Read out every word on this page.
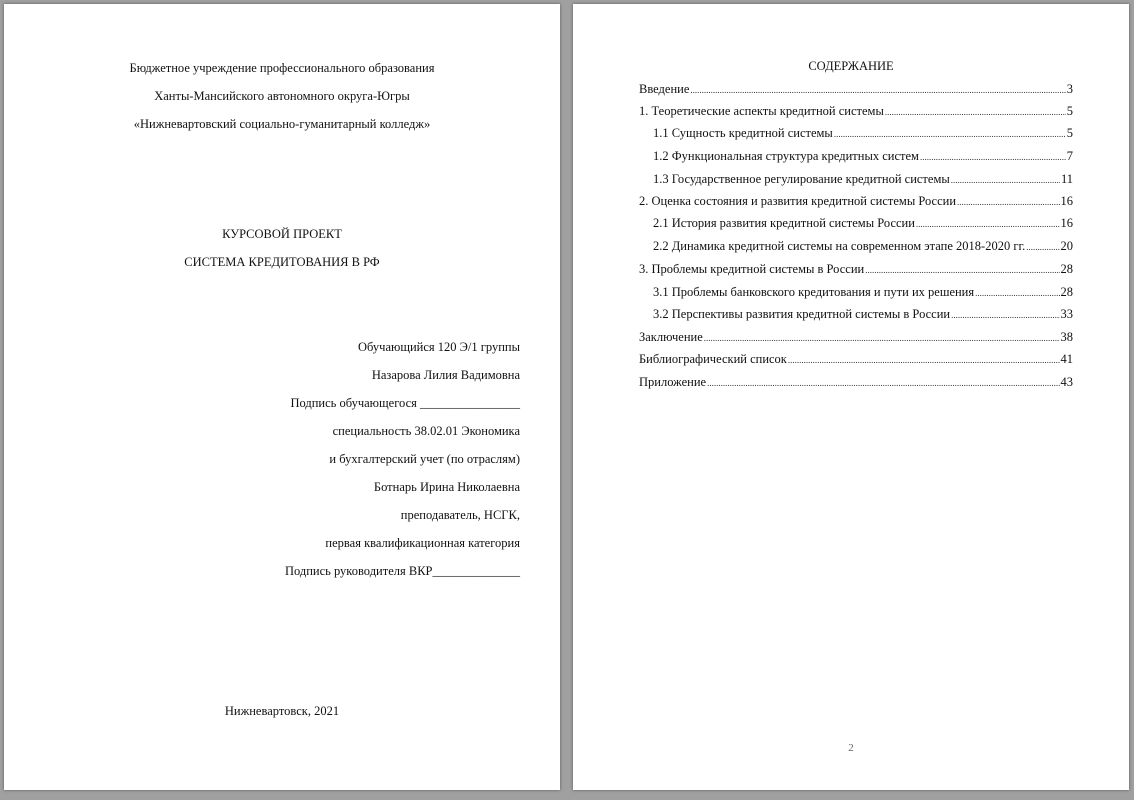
Бюджетное учреждение профессионального образования
Ханты-Мансийского автономного округа-Югры
«Нижневартовский социально-гуманитарный колледж»
КУРСОВОЙ ПРОЕКТ
СИСТЕМА КРЕДИТОВАНИЯ В РФ
Обучающийся 120 Э/1 группы
Назарова Лилия Вадимовна
Подпись обучающегося ________________
специальность 38.02.01 Экономика
и бухгалтерский учет (по отраслям)
Ботнарь Ирина Николаевна
преподаватель, НСГК,
первая квалификационная категория
Подпись руководителя ВКР______________
Нижневартовск, 2021
СОДЕРЖАНИЕ
Введение .....	3
1. Теоретические аспекты кредитной системы .....	5
1.1 Сущность кредитной системы .....	5
1.2 Функциональная структура кредитных систем .....	7
1.3 Государственное регулирование кредитной системы .....	11
2. Оценка состояния и развития кредитной системы России .....	16
2.1 История развития кредитной системы России .....	16
2.2 Динамика кредитной системы на современном этапе 2018-2020 гг. .....	20
3. Проблемы кредитной системы в России .....	28
3.1 Проблемы банковского кредитования и пути их решения .....	28
3.2 Перспективы развития кредитной системы в России .....	33
Заключение .....	38
Библиографический список .....	41
Приложение .....	43
2
